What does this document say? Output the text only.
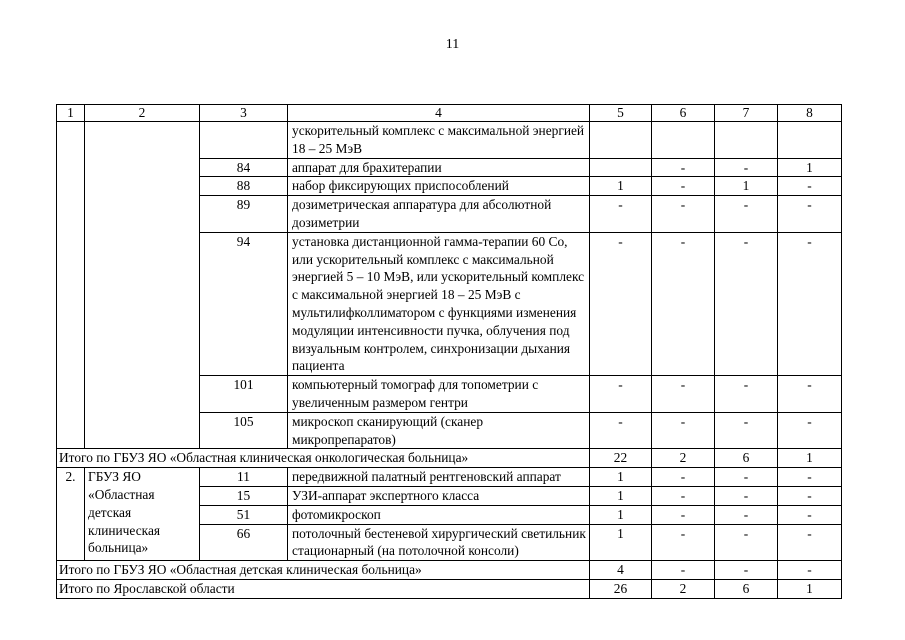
11
1	2	3	4	5	6	7	8
			ускорительный комплекс с максимальной энергией 18 – 25 МэВ				
		84	аппарат для брахитерапии		-	-	1
		88	набор фиксирующих приспособлений	1	-	1	-
		89	дозиметрическая аппаратура для абсолютной дозиметрии	-	-	-	-
		94	установка дистанционной гамма-терапии 60 Co, или ускорительный комплекс с максимальной энергией 5 – 10 МэВ, или ускорительный комплекс с максимальной энергией 18 – 25 МэВ с мультилифколлиматором с функциями изменения модуляции интенсивности пучка, облучения под визуальным контролем, синхронизации дыхания пациента	-	-	-	-
		101	компьютерный томограф для топометрии с увеличенным размером гентри	-	-	-	-
		105	микроскоп сканирующий (сканер микропрепаратов)	-	-	-	-
Итого по ГБУЗ ЯО «Областная клиническая онкологическая больница»				22	2	6	1
2.	ГБУЗ ЯО «Областная детская клиническая больница»	11	передвижной палатный рентгеновский аппарат	1	-	-	-
		15	УЗИ-аппарат экспертного класса	1	-	-	-
		51	фотомикроскоп	1	-	-	-
		66	потолочный бестеневой хирургический светильник стационарный (на потолочной консоли)	1	-	-	-
Итого по ГБУЗ ЯО «Областная детская клиническая больница»				4	-	-	-
Итого по Ярославской области				26	2	6	1
